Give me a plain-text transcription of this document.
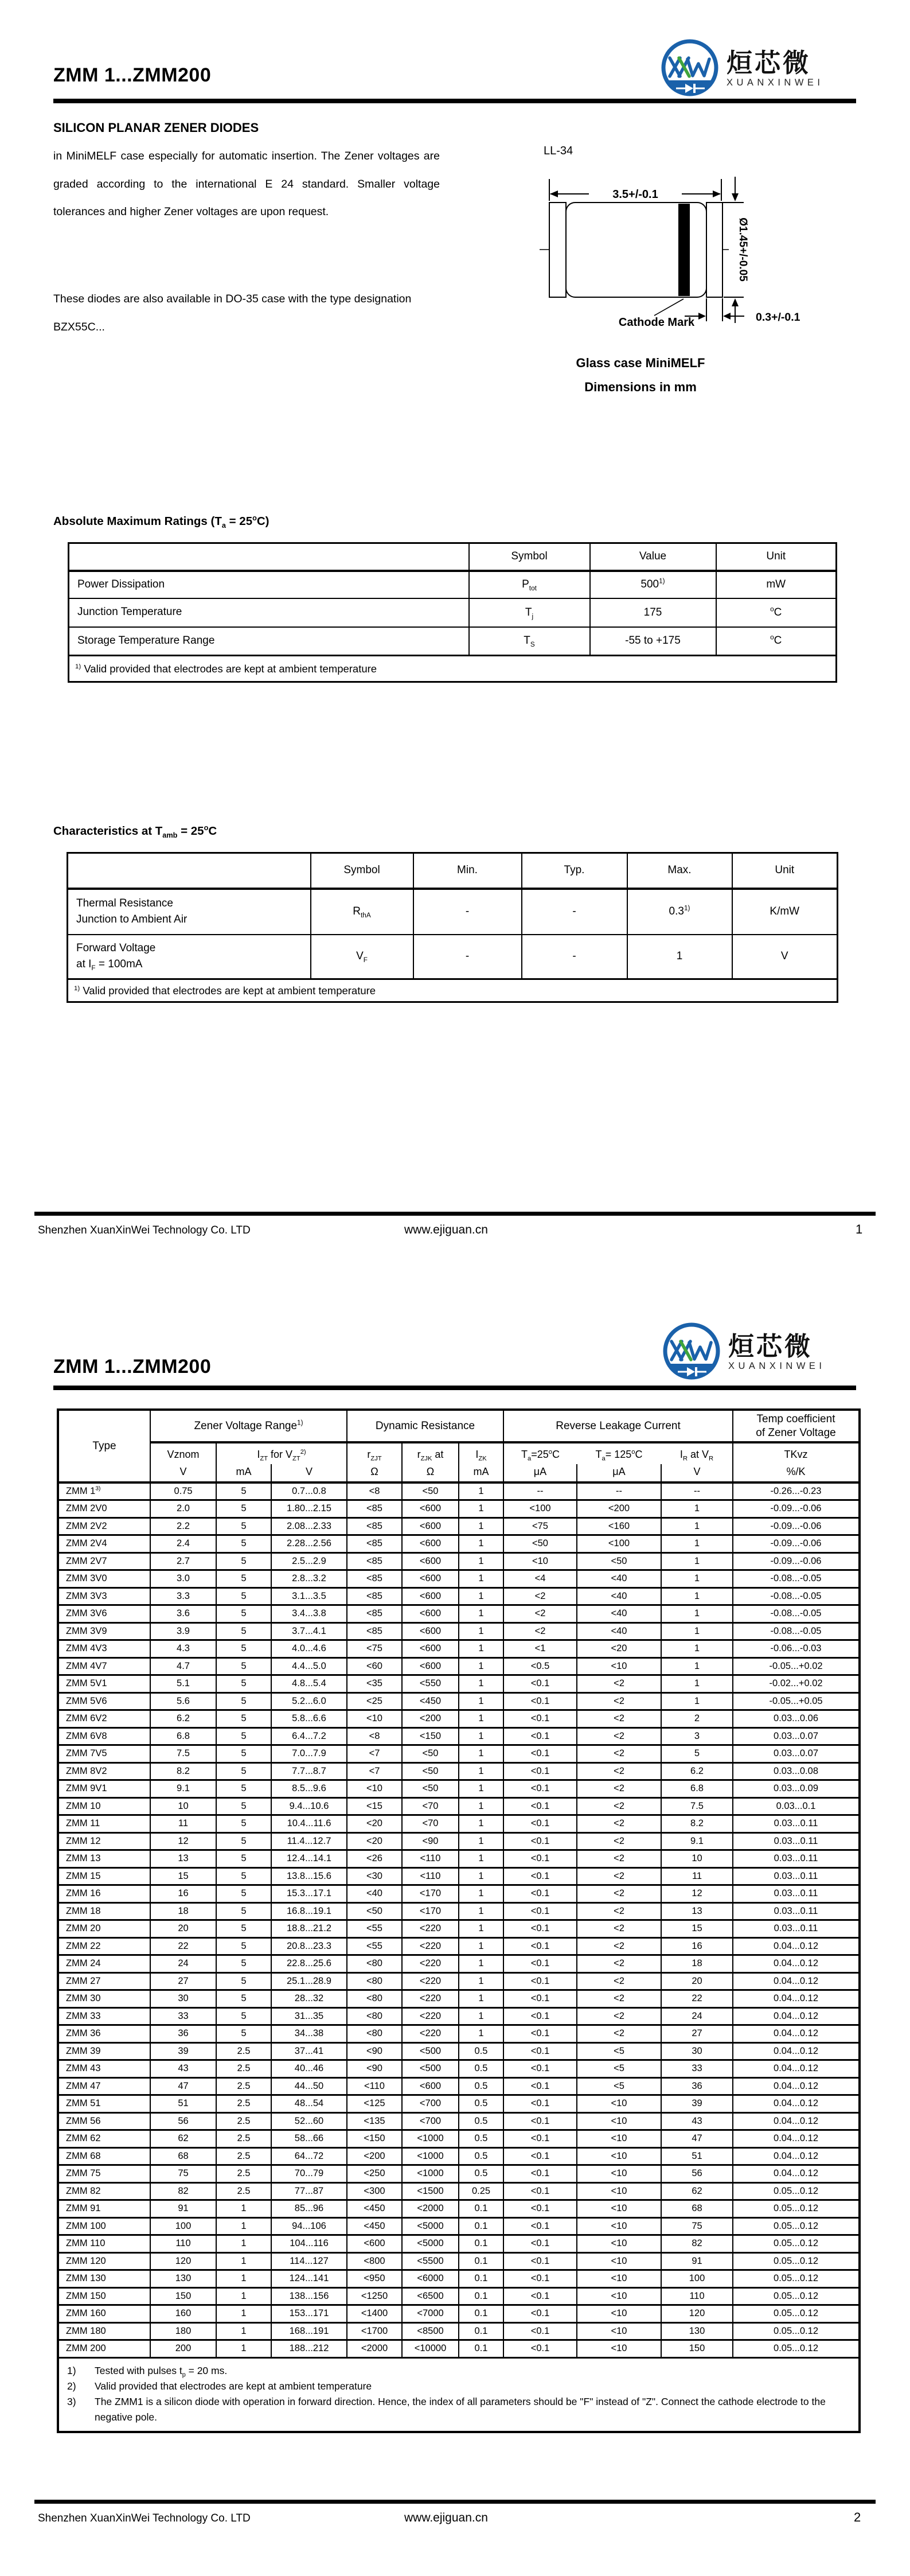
ZMM 1...ZMM200	烜芯微
XUANXINWEI
SILICON PLANAR ZENER DIODES
in MiniMELF case especially for automatic insertion. The Zener voltages are graded according to the international E 24 standard. Smaller voltage tolerances and higher Zener voltages are upon request.
These diodes are also available in DO-35 case with the type designation BZX55C...
LL-34
3.5+/-0.1
Ø1.45+/-0.05
0.3+/-0.1
Cathode Mark
Glass case MiniMELF
Dimensions in mm
Absolute Maximum Ratings $(T_a = 25^oC)$
	Symbol	Value	Unit
Power Dissipation	$P_{tot}$	500$^{1)}$	mW
Junction Temperature	$T_j$	175	$^o$C
Storage Temperature Range	$T_S$	-55 to +175	$^o$C
$^{1)}$ Valid provided that electrodes are kept at ambient temperature			
Characteristics at $T_{amb} = 25^oC$
	Symbol	Min.	Typ.	Max.	Unit
Thermal Resistance
Junction to Ambient Air	$R_{thA}$	-	-	0.3$^{1)}$	K/mW
Forward Voltage
at $I_F = 100mA$	$V_F$	-	-	1	V
$^{1)}$ Valid provided that electrodes are kept at ambient temperature					
Shenzhen XuanXinWei Technology Co. LTD	www.ejiguan.cn	1
ZMM 1...ZMM200
烜芯微
XUANXINWEI
Type	Zener Voltage Range$^{1)}$			Dynamic Resistance			Reverse Leakage Current			Temp coefficient
of Zener Voltage
	Vznom	$I_{ZT}$ for $V_{ZT}^{2)}$		$r_{ZJT}$	$r_{ZJK}$ at	$I_{ZK}$	$T_a=25^oC$	$T_a= 125^oC$	$I_R$ at $V_R$	TKvz
	V	mA	V	Ω	Ω	mA	μA	μA	V	%/K
ZMM 1$^{3)}$	0.75	5	0.7...0.8	<8	<50	1	--	--	--	-0.26...-0.23
ZMM 2V0	2.0	5	1.80...2.15	<85	<600	1	<100	<200	1	-0.09...-0.06
ZMM 2V2	2.2	5	2.08...2.33	<85	<600	1	<75	<160	1	-0.09...-0.06
ZMM 2V4	2.4	5	2.28...2.56	<85	<600	1	<50	<100	1	-0.09...-0.06
ZMM 2V7	2.7	5	2.5...2.9	<85	<600	1	<10	<50	1	-0.09...-0.06
ZMM 3V0	3.0	5	2.8...3.2	<85	<600	1	<4	<40	1	-0.08...-0.05
ZMM 3V3	3.3	5	3.1...3.5	<85	<600	1	<2	<40	1	-0.08...-0.05
ZMM 3V6	3.6	5	3.4...3.8	<85	<600	1	<2	<40	1	-0.08...-0.05
ZMM 3V9	3.9	5	3.7...4.1	<85	<600	1	<2	<40	1	-0.08...-0.05
ZMM 4V3	4.3	5	4.0...4.6	<75	<600	1	<1	<20	1	-0.06...-0.03
ZMM 4V7	4.7	5	4.4...5.0	<60	<600	1	<0.5	<10	1	-0.05...+0.02
ZMM 5V1	5.1	5	4.8...5.4	<35	<550	1	<0.1	<2	1	-0.02...+0.02
ZMM 5V6	5.6	5	5.2...6.0	<25	<450	1	<0.1	<2	1	-0.05...+0.05
ZMM 6V2	6.2	5	5.8...6.6	<10	<200	1	<0.1	<2	2	0.03...0.06
ZMM 6V8	6.8	5	6.4...7.2	<8	<150	1	<0.1	<2	3	0.03...0.07
ZMM 7V5	7.5	5	7.0...7.9	<7	<50	1	<0.1	<2	5	0.03...0.07
ZMM 8V2	8.2	5	7.7...8.7	<7	<50	1	<0.1	<2	6.2	0.03...0.08
ZMM 9V1	9.1	5	8.5...9.6	<10	<50	1	<0.1	<2	6.8	0.03...0.09
ZMM 10	10	5	9.4...10.6	<15	<70	1	<0.1	<2	7.5	0.03...0.1
ZMM 11	11	5	10.4...11.6	<20	<70	1	<0.1	<2	8.2	0.03...0.11
ZMM 12	12	5	11.4...12.7	<20	<90	1	<0.1	<2	9.1	0.03...0.11
ZMM 13	13	5	12.4...14.1	<26	<110	1	<0.1	<2	10	0.03...0.11
ZMM 15	15	5	13.8...15.6	<30	<110	1	<0.1	<2	11	0.03...0.11
ZMM 16	16	5	15.3...17.1	<40	<170	1	<0.1	<2	12	0.03...0.11
ZMM 18	18	5	16.8...19.1	<50	<170	1	<0.1	<2	13	0.03...0.11
ZMM 20	20	5	18.8...21.2	<55	<220	1	<0.1	<2	15	0.03...0.11
ZMM 22	22	5	20.8...23.3	<55	<220	1	<0.1	<2	16	0.04...0.12
ZMM 24	24	5	22.8...25.6	<80	<220	1	<0.1	<2	18	0.04...0.12
ZMM 27	27	5	25.1...28.9	<80	<220	1	<0.1	<2	20	0.04...0.12
ZMM 30	30	5	28...32	<80	<220	1	<0.1	<2	22	0.04...0.12
ZMM 33	33	5	31...35	<80	<220	1	<0.1	<2	24	0.04...0.12
ZMM 36	36	5	34...38	<80	<220	1	<0.1	<2	27	0.04...0.12
ZMM 39	39	2.5	37...41	<90	<500	0.5	<0.1	<5	30	0.04...0.12
ZMM 43	43	2.5	40...46	<90	<500	0.5	<0.1	<5	33	0.04...0.12
ZMM 47	47	2.5	44...50	<110	<600	0.5	<0.1	<5	36	0.04...0.12
ZMM 51	51	2.5	48...54	<125	<700	0.5	<0.1	<10	39	0.04...0.12
ZMM 56	56	2.5	52...60	<135	<700	0.5	<0.1	<10	43	0.04...0.12
ZMM 62	62	2.5	58...66	<150	<1000	0.5	<0.1	<10	47	0.04...0.12
ZMM 68	68	2.5	64...72	<200	<1000	0.5	<0.1	<10	51	0.04...0.12
ZMM 75	75	2.5	70...79	<250	<1000	0.5	<0.1	<10	56	0.04...0.12
ZMM 82	82	2.5	77...87	<300	<1500	0.25	<0.1	<10	62	0.05...0.12
ZMM 91	91	1	85...96	<450	<2000	0.1	<0.1	<10	68	0.05...0.12
ZMM 100	100	1	94...106	<450	<5000	0.1	<0.1	<10	75	0.05...0.12
ZMM 110	110	1	104...116	<600	<5000	0.1	<0.1	<10	82	0.05...0.12
ZMM 120	120	1	114...127	<800	<5500	0.1	<0.1	<10	91	0.05...0.12
ZMM 130	130	1	124...141	<950	<6000	0.1	<0.1	<10	100	0.05...0.12
ZMM 150	150	1	138...156	<1250	<6500	0.1	<0.1	<10	110	0.05...0.12
ZMM 160	160	1	153...171	<1400	<7000	0.1	<0.1	<10	120	0.05...0.12
ZMM 180	180	1	168...191	<1700	<8500	0.1	<0.1	<10	130	0.05...0.12
ZMM 200	200	1	188...212	<2000	<10000	0.1	<0.1	<10	150	0.05...0.12

1)	Tested with pulses $t_p = 20$ ms.
2)	Valid provided that electrodes are kept at ambient temperature
3)	The ZMM1 is a silicon diode with operation in forward direction. Hence, the index of all parameters should be "F" instead of "Z". Connect the cathode electrode to the negative pole.
Shenzhen XuanXinWei Technology Co. LTD	www.ejiguan.cn	2
